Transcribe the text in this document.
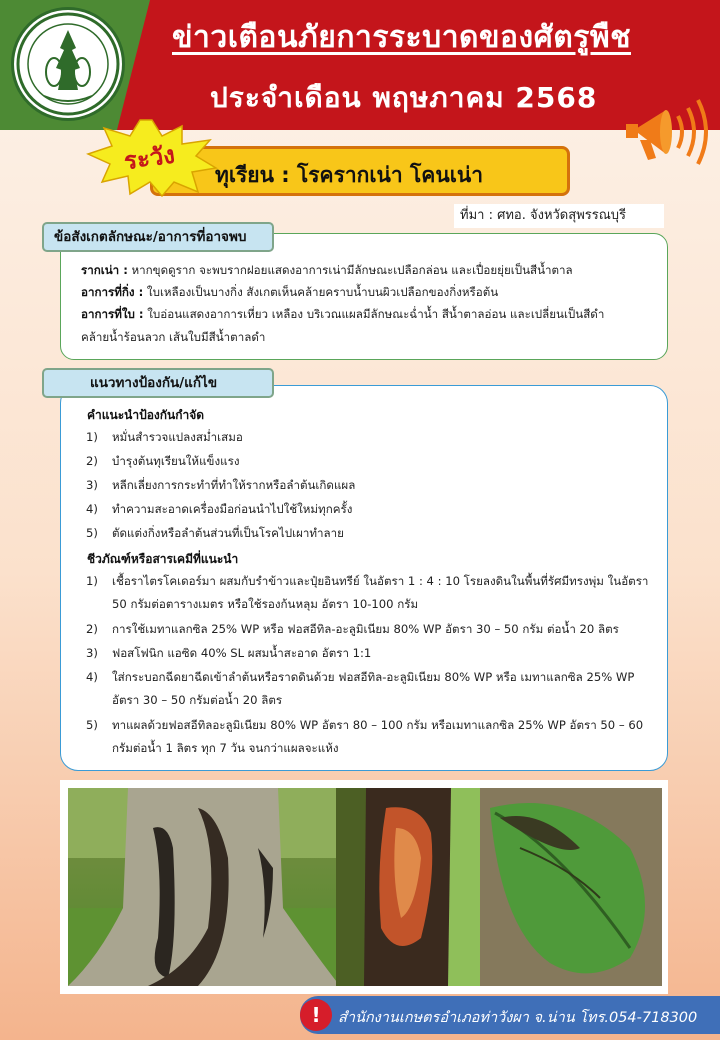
ข่าวเตือนภัยการระบาดของศัตรูพืช
ประจำเดือน พฤษภาคม 2568
ทุเรียน : โรครากเน่า โคนเน่า
ระวัง
ที่มา : ศทอ. จังหวัดสุพรรณบุรี

รากเน่า : หากขุดดูราก จะพบรากฝอยแสดงอาการเน่ามีลักษณะเปลือกล่อน และเปื่อยยุ่ยเป็นสีน้ำตาล

อาการที่กิ่ง : ใบเหลืองเป็นบางกิ่ง สังเกตเห็นคล้ายคราบน้ำบนผิวเปลือกของกิ่งหรือต้น

อาการที่ใบ : ใบอ่อนแสดงอาการเหี่ยว เหลือง บริเวณแผลมีลักษณะฉ่ำน้ำ สีน้ำตาลอ่อน และเปลี่ยนเป็นสีดำ

คล้ายน้ำร้อนลวก เส้นใบมีสีน้ำตาลดำ

ข้อสังเกตลักษณะ/อาการที่อาจพบ
คำแนะนำป้องกันกำจัด
1) หมั่นสำรวจแปลงสม่ำเสมอ
2) บำรุงต้นทุเรียนให้แข็งแรง
3) หลีกเลี่ยงการกระทำที่ทำให้รากหรือลำต้นเกิดแผล
4) ทำความสะอาดเครื่องมือก่อนนำไปใช้ใหม่ทุกครั้ง
5) ตัดแต่งกิ่งหรือลำต้นส่วนที่เป็นโรคไปเผาทำลาย
ชีวภัณฑ์หรือสารเคมีที่แนะนำ
1) เชื้อราไตรโคเดอร์มา ผสมกับรำข้าวและปุ๋ยอินทรีย์ ในอัตรา 1 : 4 : 10 โรยลงดินในพื้นที่รัศมีทรงพุ่ม ในอัตรา 50 กรัมต่อตารางเมตร หรือใช้รองก้นหลุม อัตรา 10-100 กรัม
2) การใช้เมทาแลกซิล 25% WP หรือ ฟอสอีทิล-อะลูมิเนียม 80% WP อัตรา 30 – 50 กรัม ต่อน้ำ 20 ลิตร
3) ฟอสโฟนิก แอซิด 40% SL ผสมน้ำสะอาด อัตรา 1:1
4) ใส่กระบอกฉีดยาฉีดเข้าลำต้นหรือราดดินด้วย ฟอสอีทิล-อะลูมิเนียม 80% WP หรือ เมทาแลกซิล 25% WP อัตรา 30 – 50 กรัมต่อน้ำ 20 ลิตร
5) ทาแผลด้วยฟอสอีทิลอะลูมิเนียม 80% WP อัตรา 80 – 100 กรัม หรือเมทาแลกซิล 25% WP อัตรา 50 – 60 กรัมต่อน้ำ 1 ลิตร ทุก 7 วัน จนกว่าแผลจะแห้ง
แนวทางป้องกัน/แก้ไข
!	สำนักงานเกษตรอำเภอท่าวังผา จ.น่าน โทร.054-718300
